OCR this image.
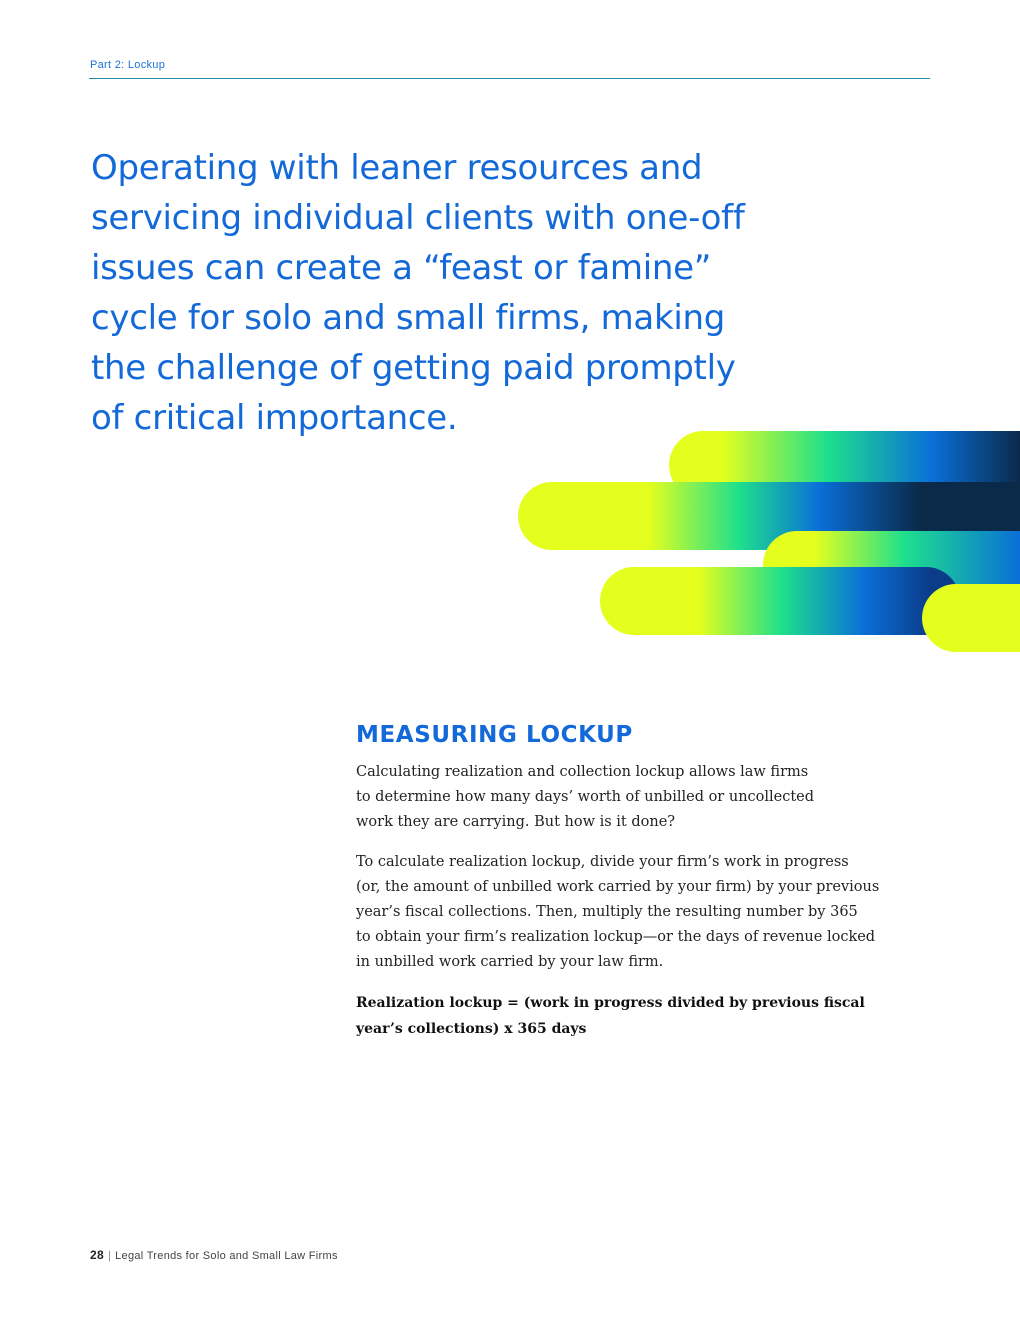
Part 2: Lockup
Operating with leaner resources and
servicing individual clients with one-off
issues can create a “feast or famine”
cycle for solo and small firms, making
the challenge of getting paid promptly
of critical importance.
MEASURING LOCKUP

Calculating realization and collection lockup allows law firms
to determine how many days’ worth of unbilled or uncollected
work they are carrying. But how is it done?

To calculate realization lockup, divide your firm’s work in progress
(or, the amount of unbilled work carried by your firm) by your previous
year’s fiscal collections. Then, multiply the resulting number by 365
to obtain your firm’s realization lockup—or the days of revenue locked
in unbilled work carried by your law firm.

Realization lockup = (work in progress divided by previous fiscal
year’s collections) x 365 days

28 | Legal Trends for Solo and Small Law Firms
